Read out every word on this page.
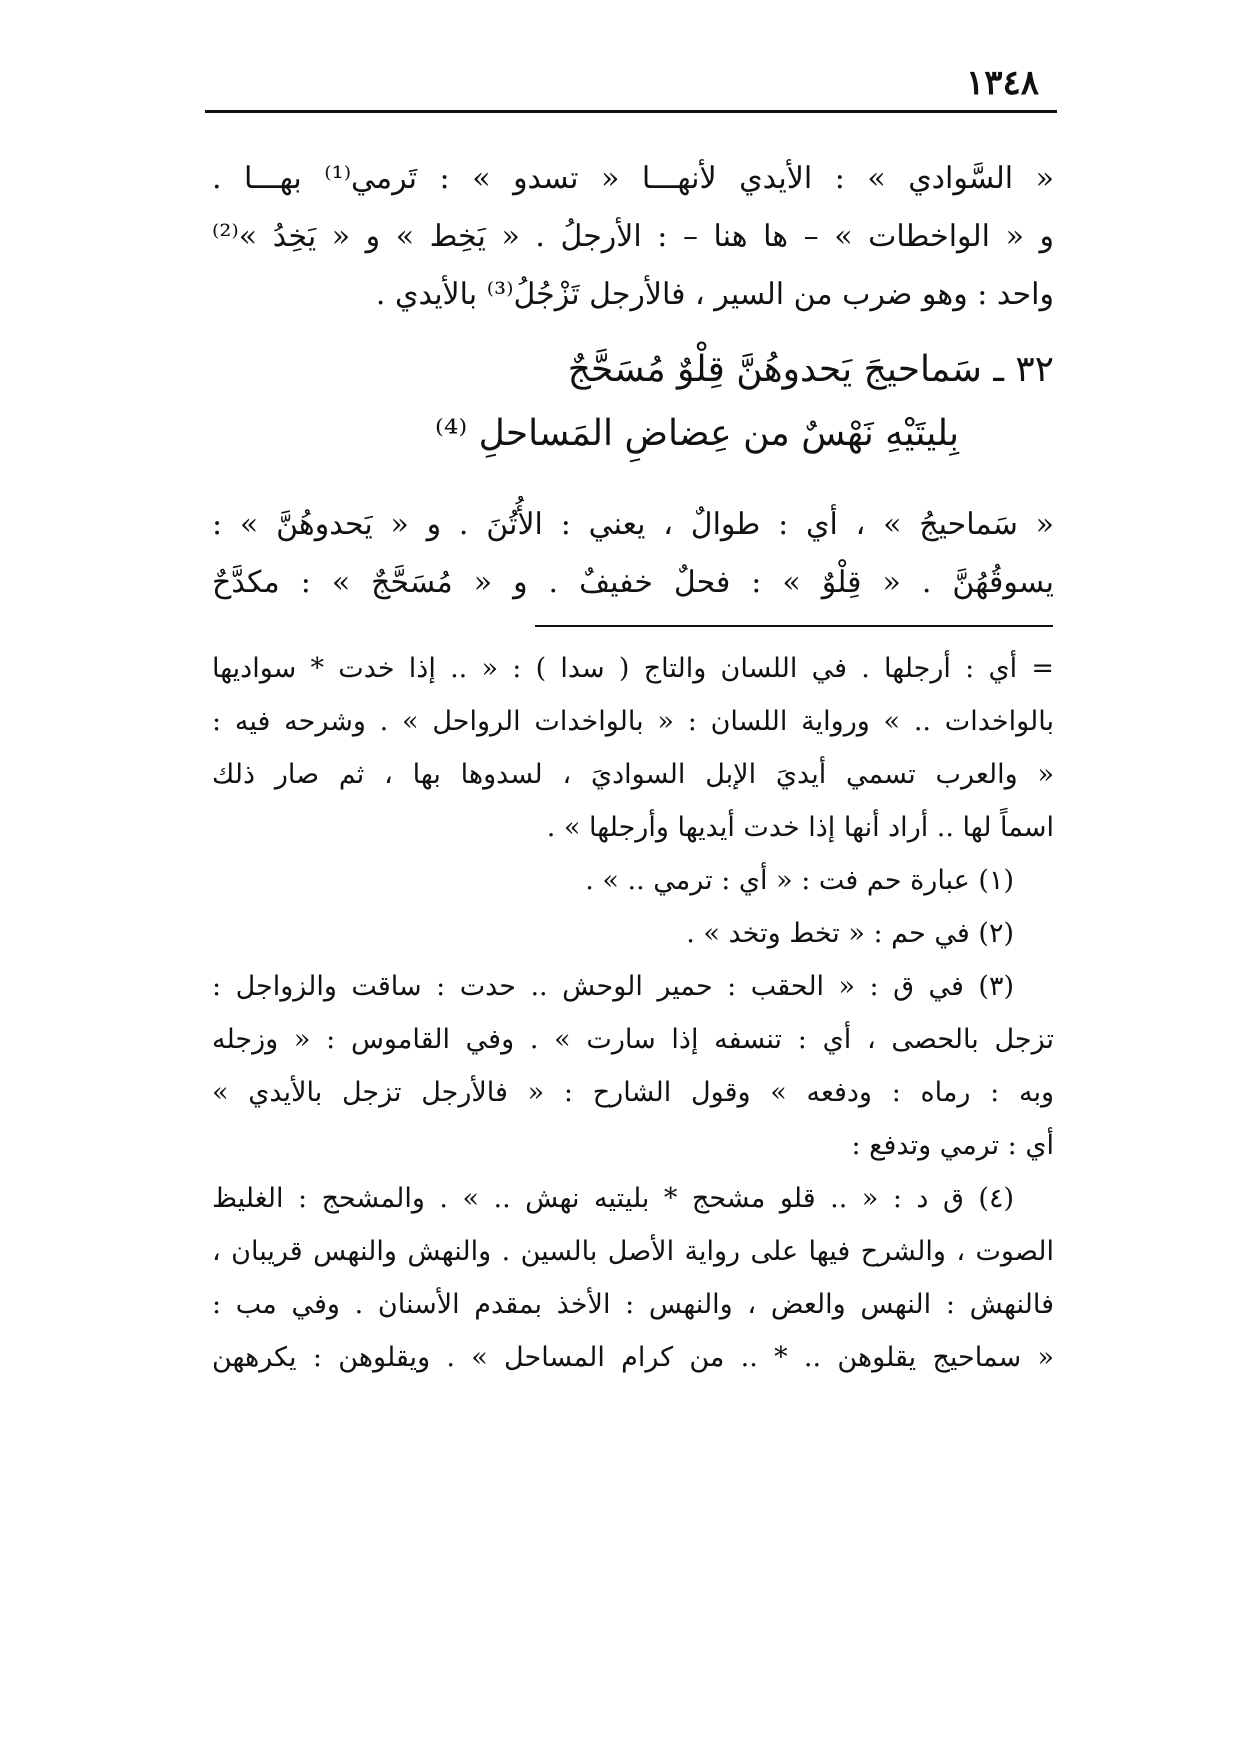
١٣٤٨

« السَّوادي » : الأيدي لأنهـــا « تسدو » : تَرمي⁽¹⁾ بهـــا .

و « الواخطات » – ها هنا – : الأرجلُ . « يَخِط » و « يَخِدُ »⁽²⁾

واحد : وهو ضرب من السير ، فالأرجل تَزْجُلُ⁽³⁾ بالأيدي .

٣٢ ـ سَماحيجَ يَحدوهُنَّ قِلْوٌ مُسَحَّجٌ
بِليتَيْهِ نَهْسٌ من عِضاضِ المَساحلِ ⁽⁴⁾

« سَماحيجُ » ، أي : طوالٌ ، يعني : الأُتُنَ . و « يَحدوهُنَّ » :

يسوقُهُنَّ . « قِلْوٌ » : فحلٌ خفيفٌ . و « مُسَحَّجٌ » : مكدَّحٌ

= أي : أرجلها . في اللسان والتاج ( سدا ) : « .. إذا خدت * سواديها

بالواخدات .. » ورواية اللسان : « بالواخدات الرواحل » . وشرحه فيه :

« والعرب تسمي أيديَ الإبل السواديَ ، لسدوها بها ، ثم صار ذلك

اسماً لها .. أراد أنها إذا خدت أيديها وأرجلها » .

(١) عبارة حم فت : « أي : ترمي .. » .

(٢) في حم : « تخط وتخد » .

(٣) في ق : « الحقب : حمير الوحش .. حدت : ساقت والزواجل :

تزجل بالحصى ، أي : تنسفه إذا سارت » . وفي القاموس : « وزجله

وبه : رماه : ودفعه » وقول الشارح : « فالأرجل تزجل بالأيدي »

أي : ترمي وتدفع :

(٤) ق د : « .. قلو مشحج * بليتيه نهش .. » . والمشحج : الغليظ

الصوت ، والشرح فيها على رواية الأصل بالسين . والنهش والنهس قريبان ،

فالنهش : النهس والعض ، والنهس : الأخذ بمقدم الأسنان . وفي مب :

« سماحيج يقلوهن .. * .. من كرام المساحل » . ويقلوهن : يكرههن
